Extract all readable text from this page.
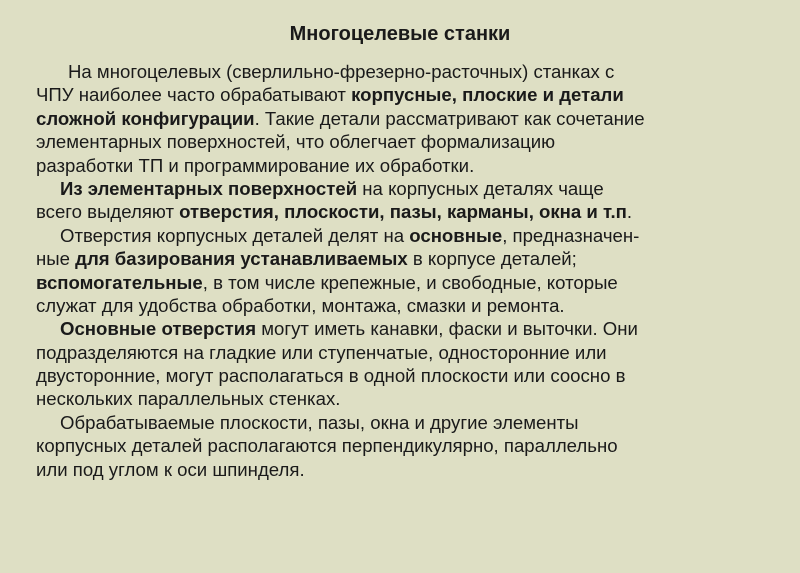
Многоцелевые станки
На многоцелевых (сверлильно-фрезерно-расточных) станках с
ЧПУ наиболее часто обрабатывают корпусные, плоские и детали
сложной конфигурации. Такие детали рассматривают как сочетание
элементарных поверхностей, что облегчает формализацию
разработки ТП и программирование их обработки.
Из элементарных поверхностей на корпусных деталях чаще
всего выделяют отверстия, плоскости, пазы, карманы, окна и т.п.
Отверстия корпусных деталей делят на основные, предназначен-
ные для базирования устанавливаемых в корпусе деталей;
вспомогательные, в том числе крепежные, и свободные, которые
служат для удобства обработки, монтажа, смазки и ремонта.
Основные отверстия могут иметь канавки, фаски и выточки. Они
подразделяются на гладкие или ступенчатые, односторонние или
двусторонние, могут располагаться в одной плоскости или соосно в
нескольких параллельных стенках.
Обрабатываемые плоскости, пазы, окна и другие элементы
корпусных деталей располагаются перпендикулярно, параллельно
или под углом к оси шпинделя.
